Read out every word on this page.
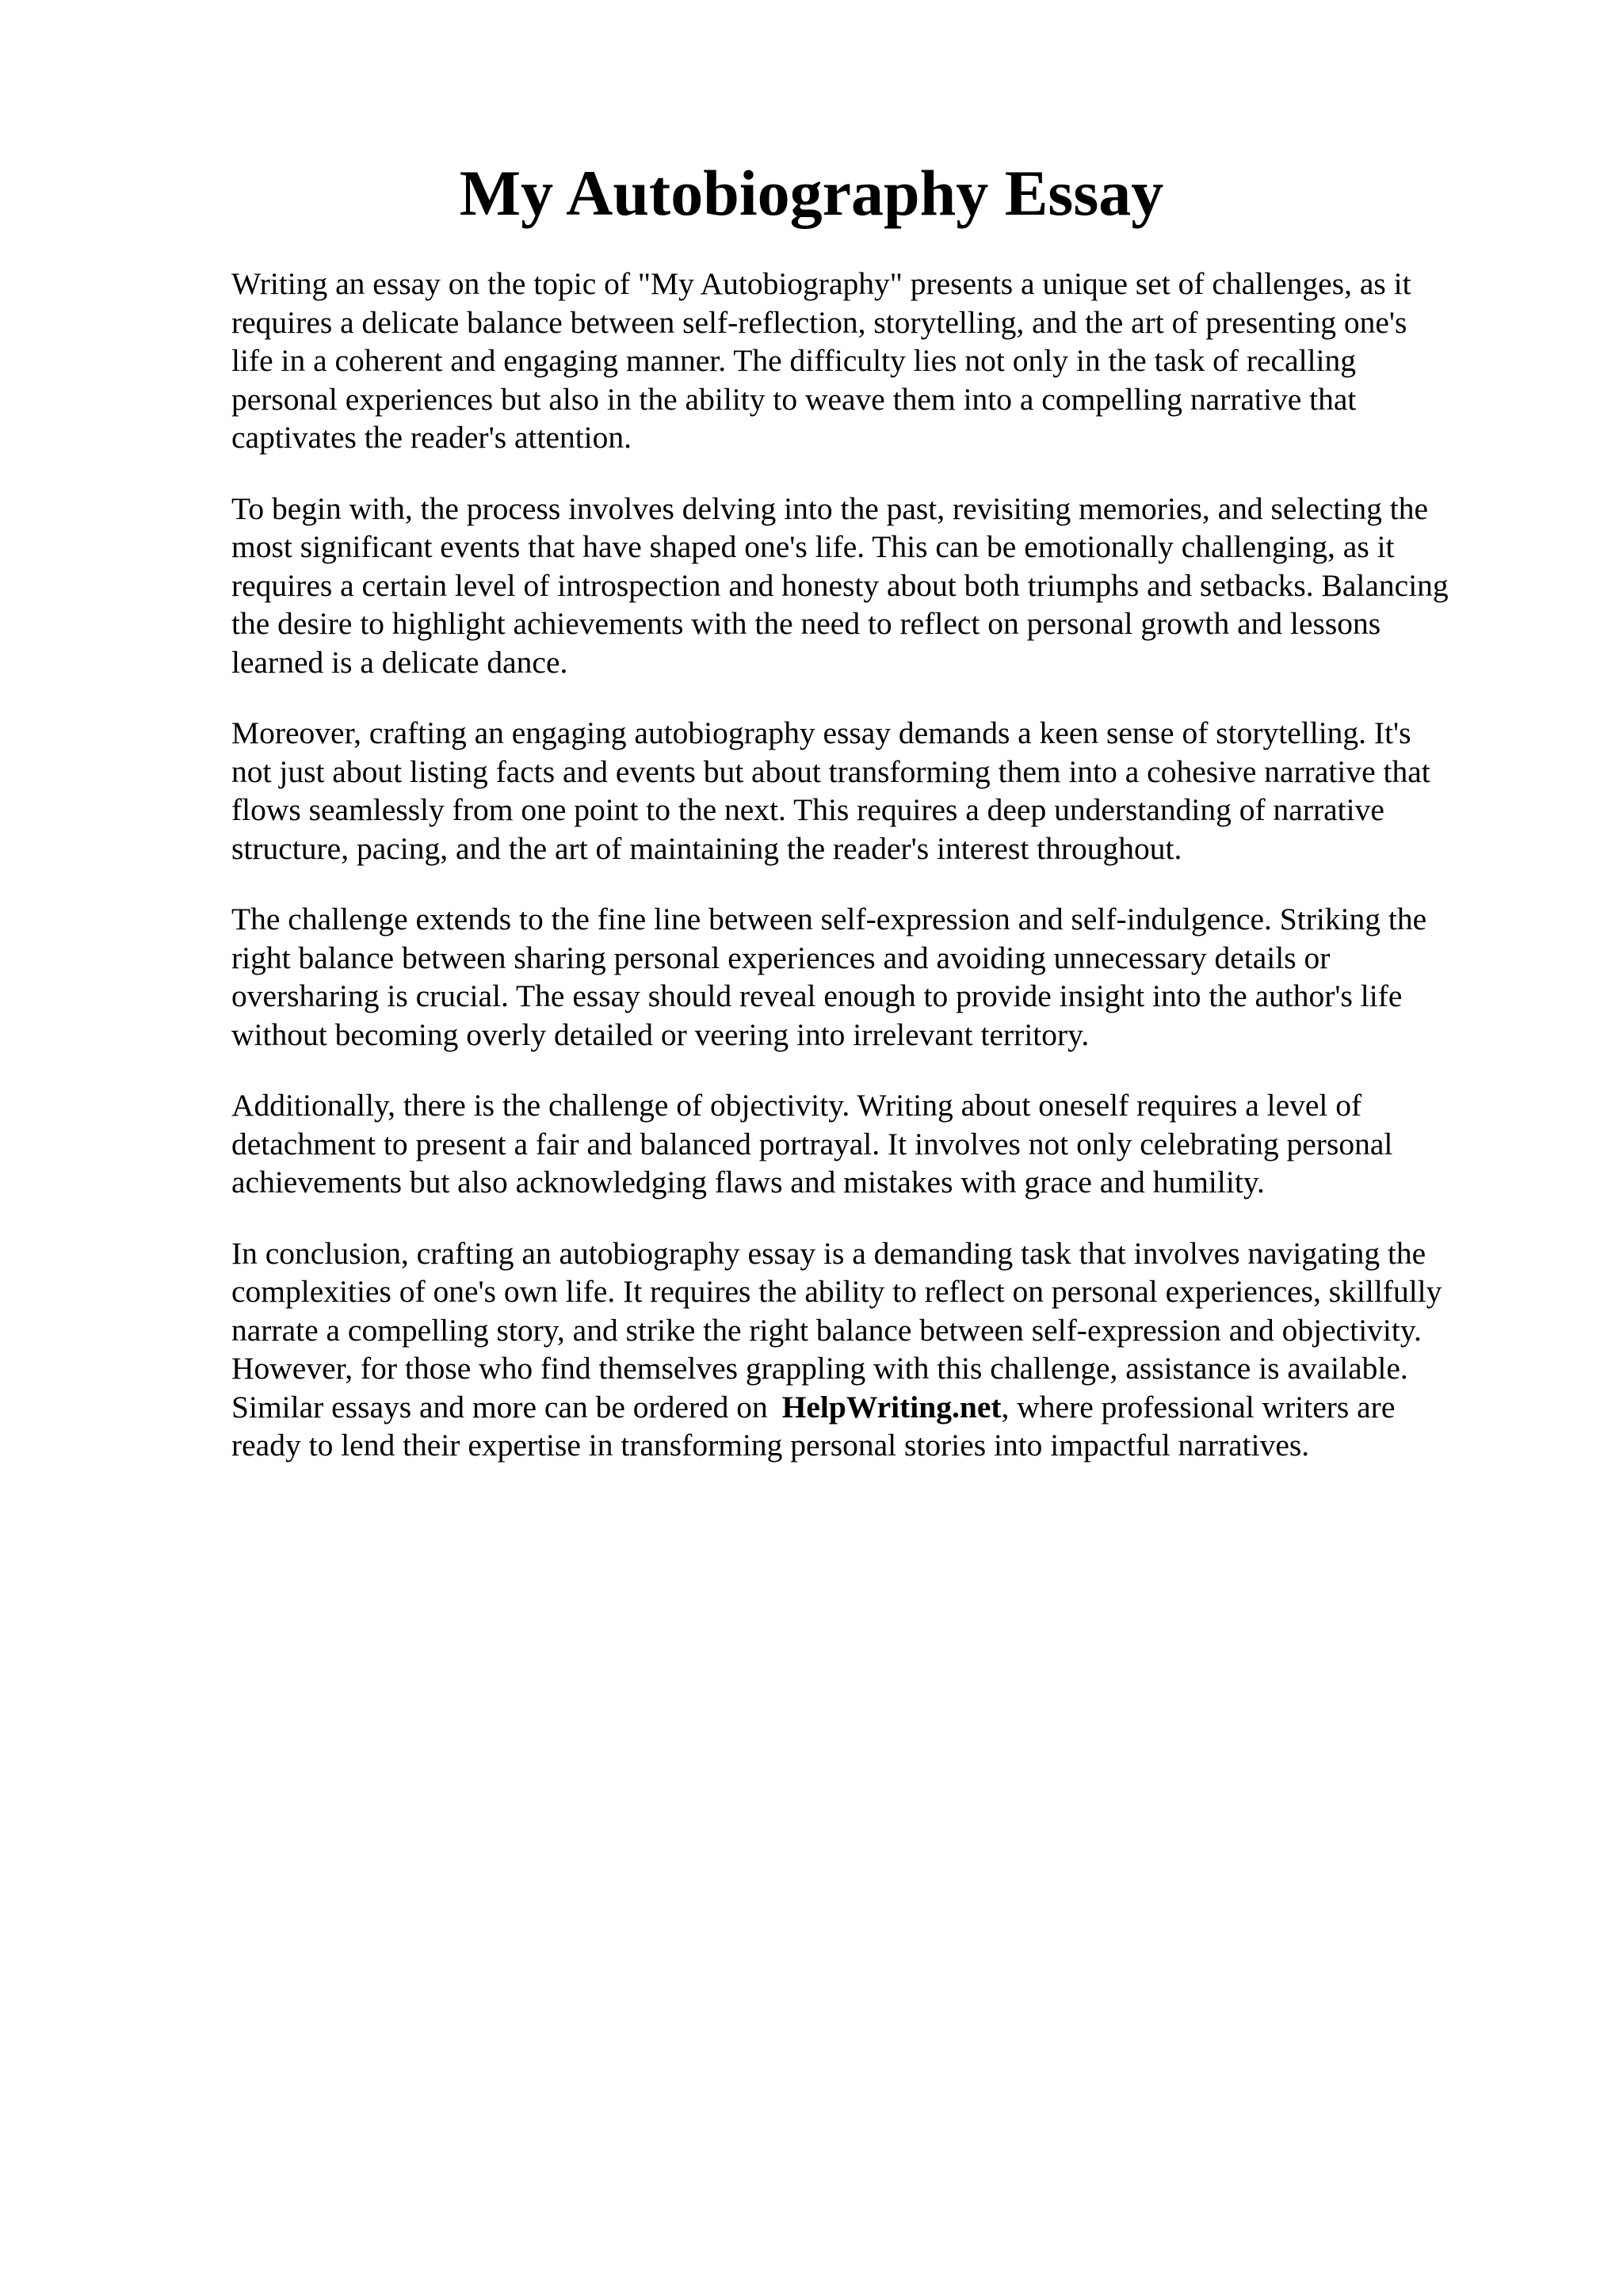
My Autobiography Essay

Writing an essay on the topic of "My Autobiography" presents a unique set of challenges, as it
requires a delicate balance between self-reflection, storytelling, and the art of presenting one's
life in a coherent and engaging manner. The difficulty lies not only in the task of recalling
personal experiences but also in the ability to weave them into a compelling narrative that
captivates the reader's attention.

To begin with, the process involves delving into the past, revisiting memories, and selecting the
most significant events that have shaped one's life. This can be emotionally challenging, as it
requires a certain level of introspection and honesty about both triumphs and setbacks. Balancing
the desire to highlight achievements with the need to reflect on personal growth and lessons
learned is a delicate dance.

Moreover, crafting an engaging autobiography essay demands a keen sense of storytelling. It's
not just about listing facts and events but about transforming them into a cohesive narrative that
flows seamlessly from one point to the next. This requires a deep understanding of narrative
structure, pacing, and the art of maintaining the reader's interest throughout.

The challenge extends to the fine line between self-expression and self-indulgence. Striking the
right balance between sharing personal experiences and avoiding unnecessary details or
oversharing is crucial. The essay should reveal enough to provide insight into the author's life
without becoming overly detailed or veering into irrelevant territory.

Additionally, there is the challenge of objectivity. Writing about oneself requires a level of
detachment to present a fair and balanced portrayal. It involves not only celebrating personal
achievements but also acknowledging flaws and mistakes with grace and humility.

In conclusion, crafting an autobiography essay is a demanding task that involves navigating the
complexities of one's own life. It requires the ability to reflect on personal experiences, skillfully
narrate a compelling story, and strike the right balance between self-expression and objectivity.
However, for those who find themselves grappling with this challenge, assistance is available.
Similar essays and more can be ordered on HelpWriting.net, where professional writers are
ready to lend their expertise in transforming personal stories into impactful narratives.
